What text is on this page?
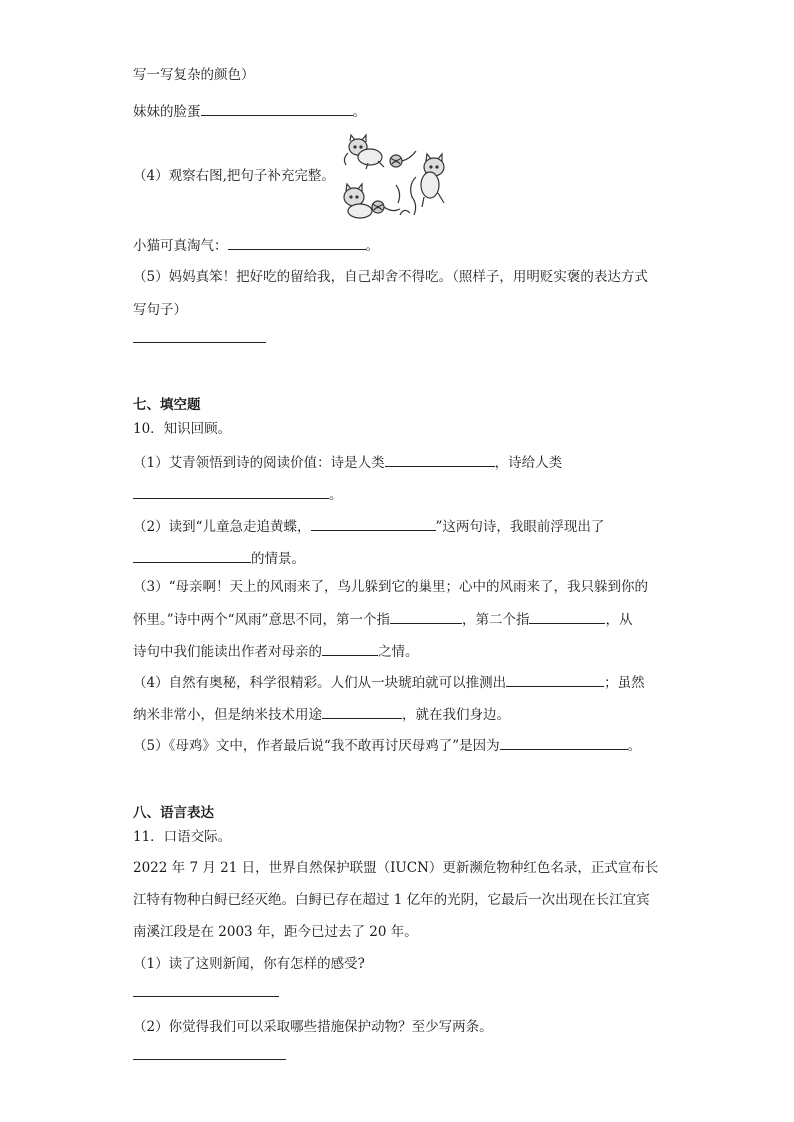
写一写复杂的颜色）
妹妹的脸蛋	。
（4）观察右图,把句子补充完整。
小猫可真淘气：	。
（5）妈妈真笨！把好吃的留给我，自己却舍不得吃。（照样子，用明贬实褒的表达方式
写句子）
七、填空题
10．知识回顾。
（1）艾青领悟到诗的阅读价值：诗是人类	，诗给人类
。
（2）读到“儿童急走追黄蝶，	”这两句诗，我眼前浮现出了
的情景。
（3）“母亲啊！天上的风雨来了，鸟儿躲到它的巢里；心中的风雨来了，我只躲到你的
怀里。”诗中两个“风雨”意思不同，第一个指	，第二个指	，从
诗句中我们能读出作者对母亲的	之情。
（4）自然有奥秘，科学很精彩。人们从一块琥珀就可以推测出	；虽然
纳米非常小，但是纳米技术用途	，就在我们身边。
（5）《母鸡》文中，作者最后说“我不敢再讨厌母鸡了”是因为	。
八、语言表达
11．口语交际。
2022 年 7 月 21 日，世界自然保护联盟（IUCN）更新濒危物种红色名录，正式宣布长
江特有物种白鲟已经灭绝。白鲟已存在超过 1 亿年的光阴，它最后一次出现在长江宜宾
南溪江段是在 2003 年，距今已过去了 20 年。
（1）读了这则新闻，你有怎样的感受?
（2）你觉得我们可以采取哪些措施保护动物？至少写两条。
